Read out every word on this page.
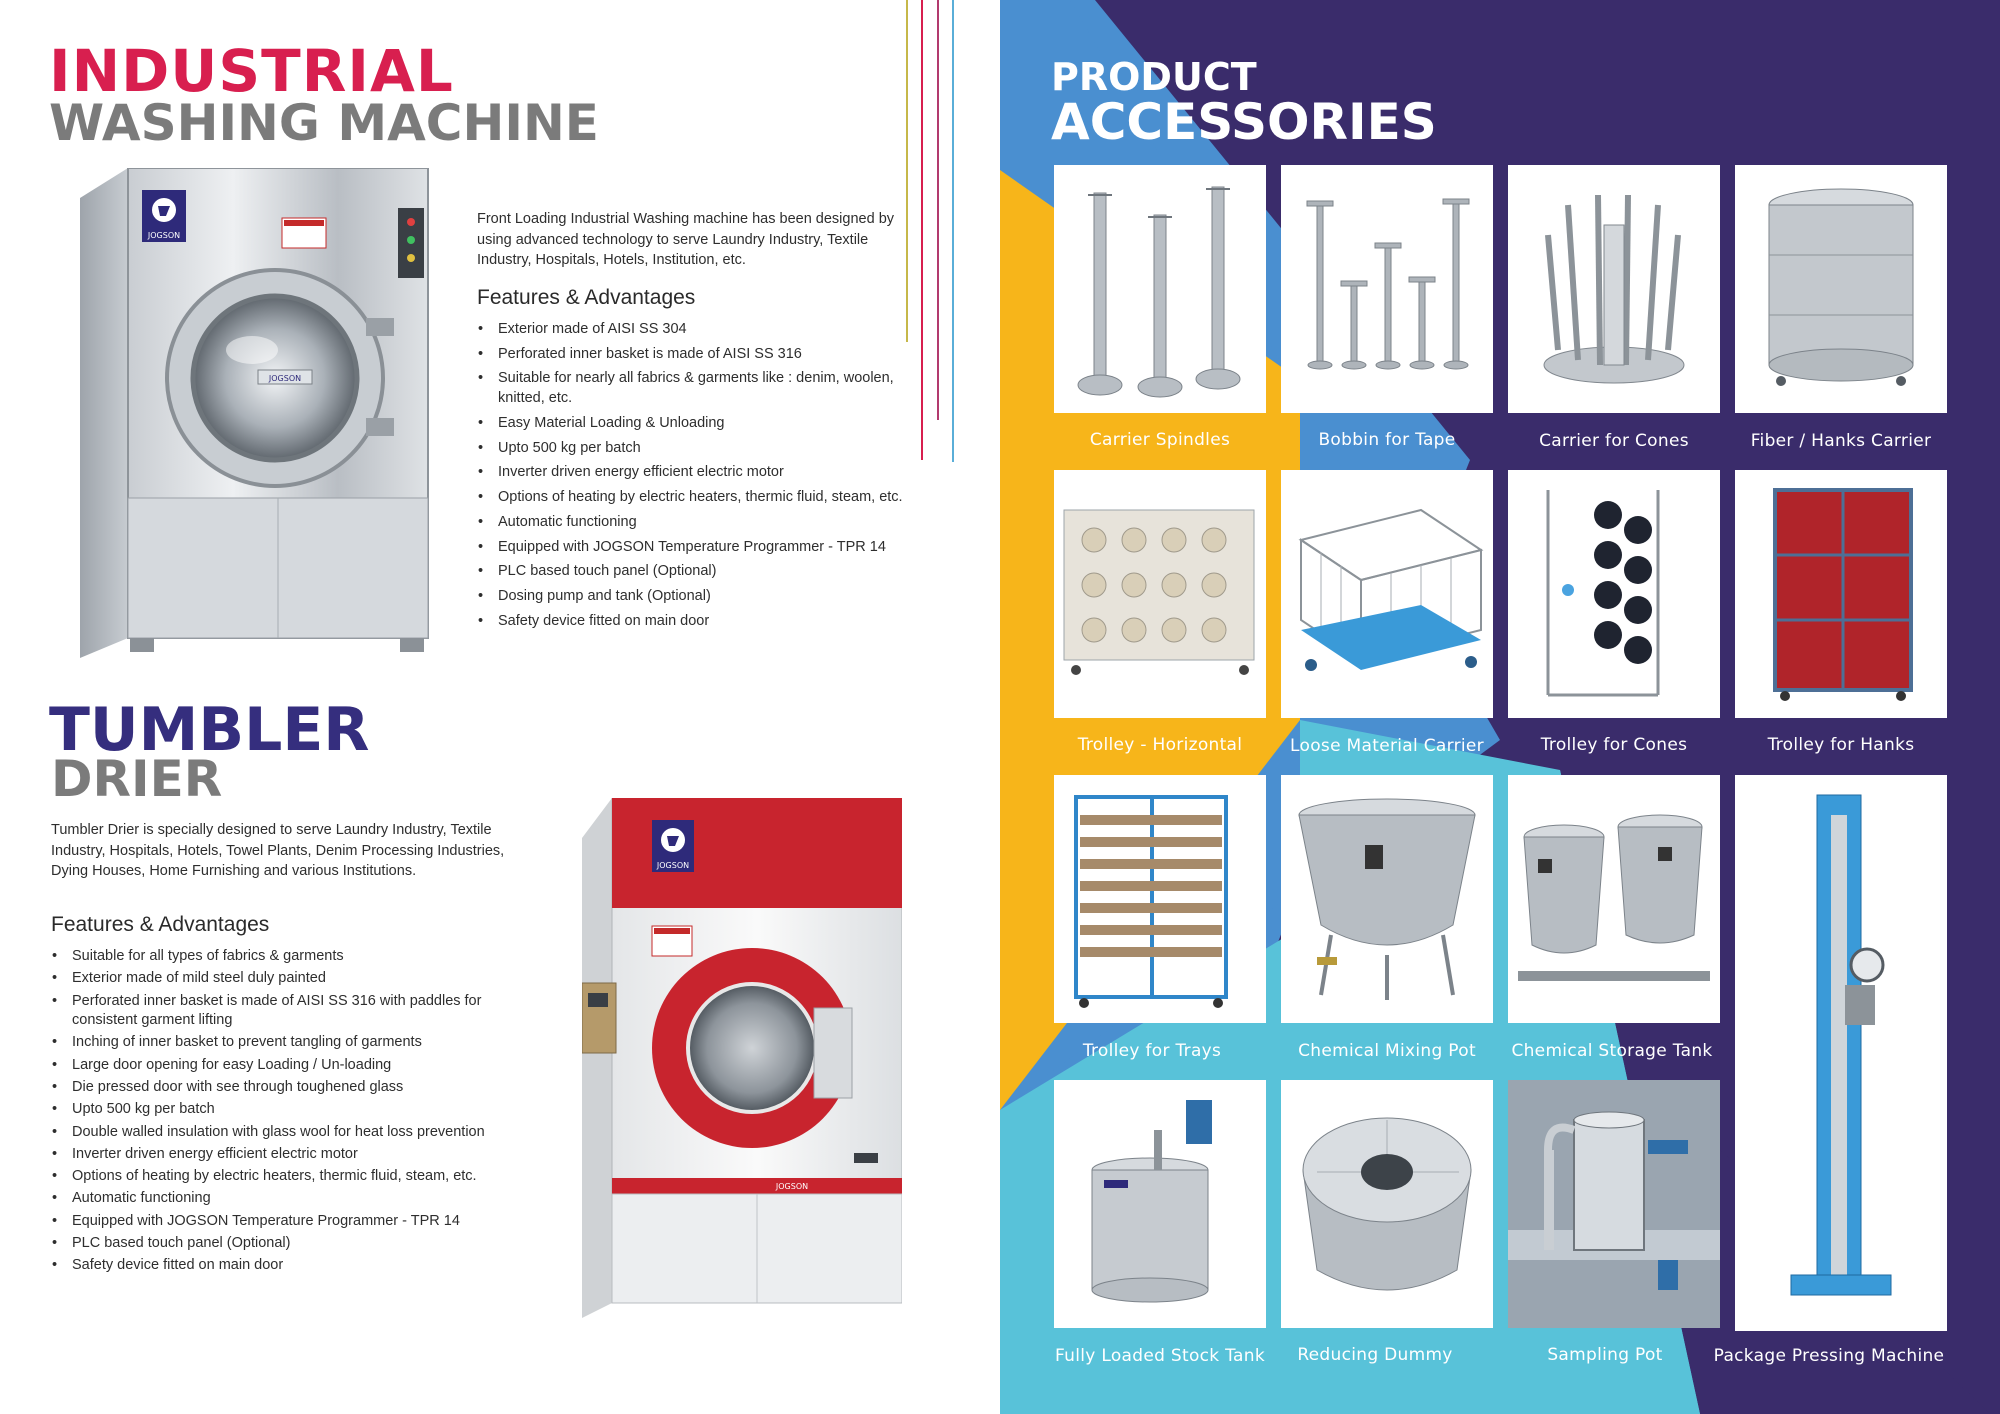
INDUSTRIAL
WASHING MACHINE
JOGSON
JOGSON
Front Loading Industrial Washing machine has been designed by using advanced technology to serve Laundry Industry, Textile Industry, Hospitals, Hotels, Institution, etc.
Features & Advantages
• Exterior made of AISI SS 304
• Perforated inner basket is made of AISI SS 316
• Suitable for nearly all fabrics & garments like : denim, woolen, knitted, etc.
• Easy Material Loading & Unloading
• Upto 500 kg per batch
• Inverter driven energy efficient electric motor
• Options of heating by electric heaters, thermic fluid, steam, etc.
• Automatic functioning
• Equipped with JOGSON Temperature Programmer - TPR 14
• PLC based touch panel (Optional)
• Dosing pump and tank (Optional)
• Safety device fitted on main door
TUMBLER
DRIER
Tumbler Drier is specially designed to serve Laundry Industry, Textile Industry, Hospitals, Hotels, Towel Plants, Denim Processing Industries, Dying Houses, Home Furnishing and various Institutions.
Features & Advantages
• Suitable for all types of fabrics & garments
• Exterior made of mild steel duly painted
• Perforated inner basket is made of AISI SS 316 with paddles for consistent garment lifting
• Inching of inner basket to prevent tangling of garments
• Large door opening for easy Loading / Un-loading
• Die pressed door with see through toughened glass
• Upto 500 kg per batch
• Double walled insulation with glass wool for heat loss prevention
• Inverter driven energy efficient electric motor
• Options of heating by electric heaters, thermic fluid, steam, etc.
• Automatic functioning
• Equipped with JOGSON Temperature Programmer - TPR 14
• PLC based touch panel (Optional)
• Safety device fitted on main door
JOGSON
JOGSON
PRODUCT
ACCESSORIES
Carrier Spindles	Bobbin for Tape	Carrier for Cones	Fiber / Hanks Carrier
Trolley - Horizontal	Loose Material Carrier	Trolley for Cones	Trolley for Hanks
Trolley for Trays	Chemical Mixing Pot	Chemical Storage Tank
Package Pressing Machine
Fully Loaded Stock Tank	Reducing Dummy	Sampling Pot
